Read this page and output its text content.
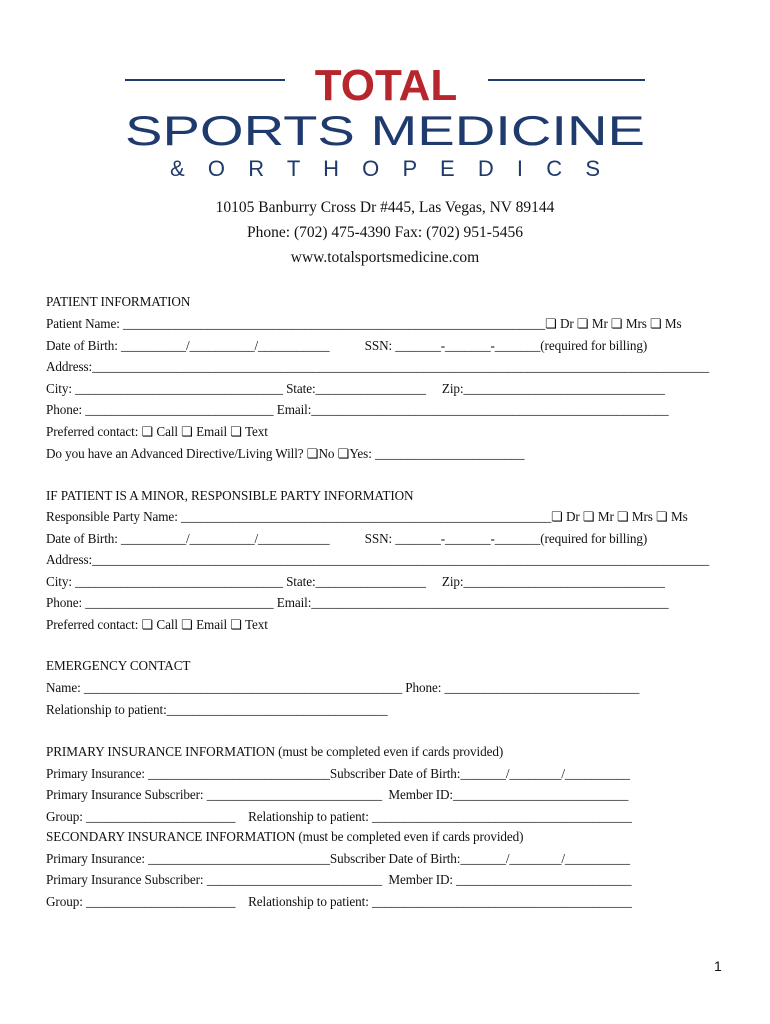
TOTAL
SPORTS MEDICINE
& O R T H O P E D I C S
10105 Banburry Cross Dr #445, Las Vegas, NV 89144
Phone: (702) 475-4390 Fax: (702) 951-5456
www.totalsportsmedicine.com
PATIENT INFORMATION
Patient Name: _________________________________________________________________❏ Dr ❏ Mr ❏ Mrs ❏ Ms
Date of Birth: __________/__________/___________           SSN: _______-_______-_______(required for billing)
Address:_______________________________________________________________________________________________
City: ________________________________ State:_________________     Zip:_______________________________
Phone: _____________________________ Email:_______________________________________________________
Preferred contact: ❏ Call ❏ Email ❏ Text
Do you have an Advanced Directive/Living Will? ❏No ❏Yes: _______________________
IF PATIENT IS A MINOR, RESPONSIBLE PARTY INFORMATION
Responsible Party Name: _________________________________________________________❏ Dr ❏ Mr ❏ Mrs ❏ Ms
Date of Birth: __________/__________/___________           SSN: _______-_______-_______(required for billing)
Address:_______________________________________________________________________________________________
City: ________________________________ State:_________________     Zip:_______________________________
Phone: _____________________________ Email:_______________________________________________________
Preferred contact: ❏ Call ❏ Email ❏ Text
EMERGENCY CONTACT
Name: _________________________________________________ Phone: ______________________________
Relationship to patient:__________________________________
PRIMARY INSURANCE INFORMATION (must be completed even if cards provided)
Primary Insurance: ____________________________Subscriber Date of Birth:_______/________/__________
Primary Insurance Subscriber: ___________________________  Member ID:___________________________
Group: _______________________    Relationship to patient: ________________________________________
SECONDARY INSURANCE INFORMATION (must be completed even if cards provided)
Primary Insurance: ____________________________Subscriber Date of Birth:_______/________/__________
Primary Insurance Subscriber: ___________________________  Member ID: ___________________________
Group: _______________________    Relationship to patient: ________________________________________
1
